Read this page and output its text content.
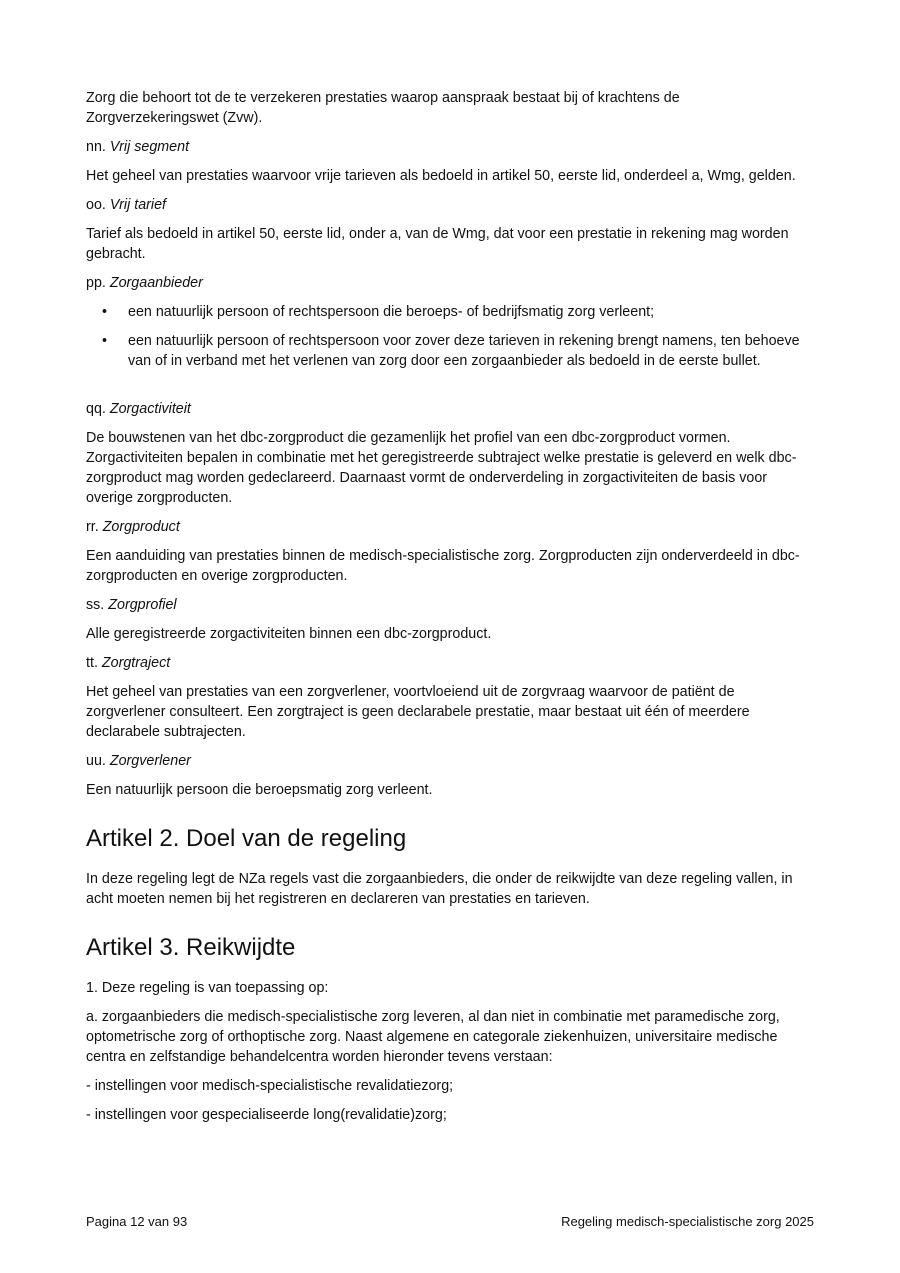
Zorg die behoort tot de te verzekeren prestaties waarop aanspraak bestaat bij of krachtens de Zorgverzekeringswet (Zvw).

nn. Vrij segment

Het geheel van prestaties waarvoor vrije tarieven als bedoeld in artikel 50, eerste lid, onderdeel a, Wmg, gelden.

oo. Vrij tarief

Tarief als bedoeld in artikel 50, eerste lid, onder a, van de Wmg, dat voor een prestatie in rekening mag worden gebracht.

pp. Zorgaanbieder

• een natuurlijk persoon of rechtspersoon die beroeps- of bedrijfsmatig zorg verleent;
• een natuurlijk persoon of rechtspersoon voor zover deze tarieven in rekening brengt namens, ten behoeve van of in verband met het verlenen van zorg door een zorgaanbieder als bedoeld in de eerste bullet.

qq. Zorgactiviteit

De bouwstenen van het dbc-zorgproduct die gezamenlijk het profiel van een dbc-zorgproduct vormen. Zorgactiviteiten bepalen in combinatie met het geregistreerde subtraject welke prestatie is geleverd en welk dbc-zorgproduct mag worden gedeclareerd. Daarnaast vormt de onderverdeling in zorgactiviteiten de basis voor overige zorgproducten.

rr. Zorgproduct

Een aanduiding van prestaties binnen de medisch-specialistische zorg. Zorgproducten zijn onderverdeeld in dbc-zorgproducten en overige zorgproducten.

ss. Zorgprofiel

Alle geregistreerde zorgactiviteiten binnen een dbc-zorgproduct.

tt. Zorgtraject

Het geheel van prestaties van een zorgverlener, voortvloeiend uit de zorgvraag waarvoor de patiënt de zorgverlener consulteert. Een zorgtraject is geen declarabele prestatie, maar bestaat uit één of meerdere declarabele subtrajecten.

uu. Zorgverlener

Een natuurlijk persoon die beroepsmatig zorg verleent.

Artikel 2. Doel van de regeling

In deze regeling legt de NZa regels vast die zorgaanbieders, die onder de reikwijdte van deze regeling vallen, in acht moeten nemen bij het registreren en declareren van prestaties en tarieven.

Artikel 3. Reikwijdte

1. Deze regeling is van toepassing op:

a. zorgaanbieders die medisch-specialistische zorg leveren, al dan niet in combinatie met paramedische zorg, optometrische zorg of orthoptische zorg. Naast algemene en categorale ziekenhuizen, universitaire medische centra en zelfstandige behandelcentra worden hieronder tevens verstaan:

- instellingen voor medisch-specialistische revalidatiezorg;

- instellingen voor gespecialiseerde long(revalidatie)zorg;

Pagina 12 van 93	Regeling medisch-specialistische zorg 2025
